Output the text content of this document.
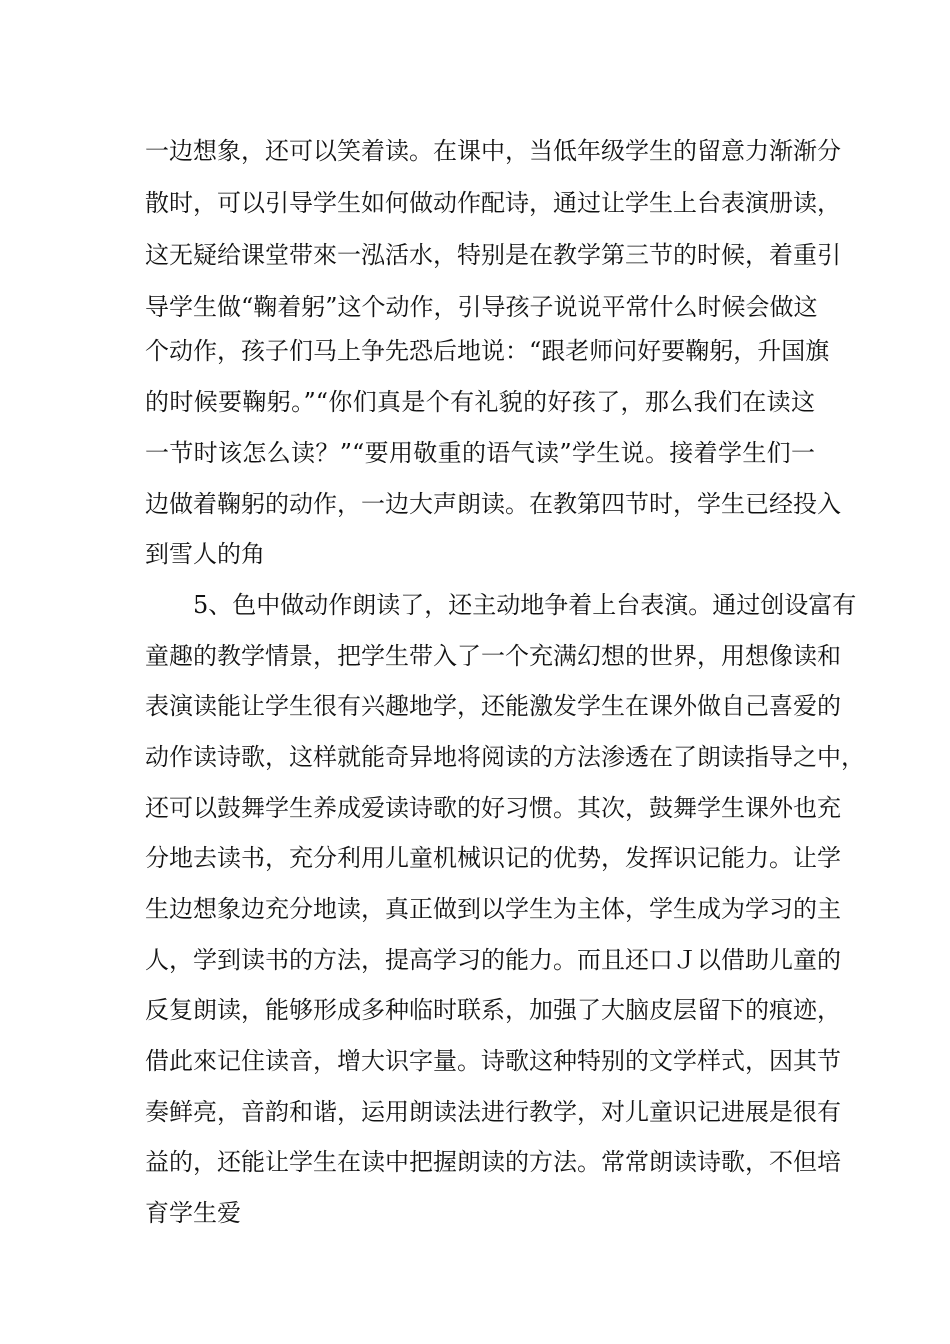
一边想象，还可以笑着读。在课中，当低年级学生的留意力渐渐分
散时，可以引导学生如何做动作配诗，通过让学生上台表演册读，
这无疑给课堂带來一泓活水，特别是在教学第三节的时候，着重引
导学生做“鞠着躬”这个动作，引导孩子说说平常什么时候会做这
个动作，孩子们马上争先恐后地说：“跟老师问好要鞠躬，升国旗
的时候要鞠躬。”“你们真是个有礼貌的好孩了，那么我们在读这
一节时该怎么读？”“要用敬重的语气读”学生说。接着学生们一
边做着鞠躬的动作，一边大声朗读。在教第四节时，学生已经投入
到雪人的角
5、色中做动作朗读了，还主动地争着上台表演。通过创设富有
童趣的教学情景，把学生带入了一个充满幻想的世界，用想像读和
表演读能让学生很有兴趣地学，还能激发学生在课外做自己喜爱的
动作读诗歌，这样就能奇异地将阅读的方法渗透在了朗读指导之中，
还可以鼓舞学生养成爱读诗歌的好习惯。其次，鼓舞学生课外也充
分地去读书，充分利用儿童机械识记的优势，发挥识记能力。让学
生边想象边充分地读，真正做到以学生为主体，学生成为学习的主
人，学到读书的方法，提高学习的能力。而且还口Ｊ以借助儿童的
反复朗读，能够形成多种临时联系，加强了大脑皮层留下的痕迹，
借此來记住读音，增大识字量。诗歌这种特别的文学样式，因其节
奏鲜亮，音韵和谐，运用朗读法进行教学，对儿童识记进展是很有
益的，还能让学生在读中把握朗读的方法。常常朗读诗歌，不但培
育学生爱
